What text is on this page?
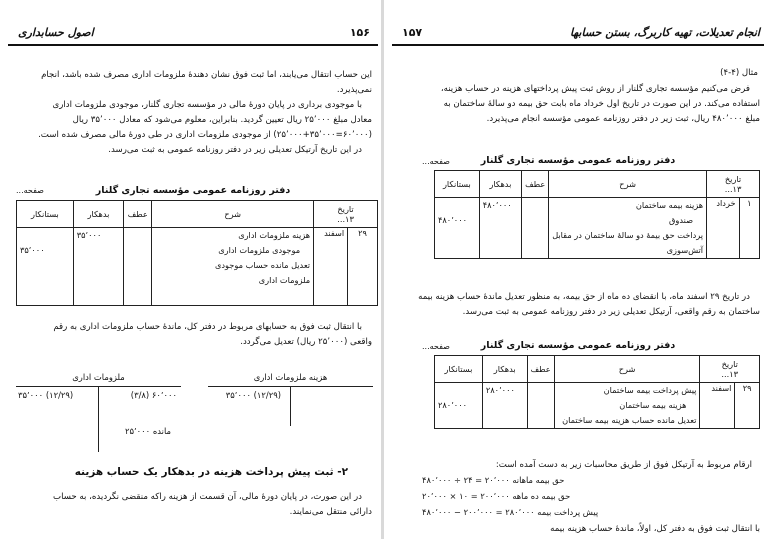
۱۵۶
اصول حسابداری
این حساب انتقال می‌یابند، اما ثبت فوق نشان دهندهٔ ملزومات اداری مصرف شده باشد، انجام
نمی‌پذیرد.
با موجودی برداری در پایان دورهٔ مالی در مؤسسه تجاری گلنار، موجودی ملزومات اداری
معادل مبلغ ۲۵٬۰۰۰ ریال تعیین گردید. بنابراین، معلوم می‌شود که معادل ۳۵٬۰۰۰ ریال
(۶۰٬۰۰۰=۲۵٬۰۰۰+۳۵٬۰۰۰) از موجودی ملزومات اداری در طی دورهٔ مالی مصرف شده است.
در این تاریخ آرتیکل تعدیلی زیر در دفتر روزنامه عمومی به ثبت می‌رسد.
دفتر روزنامه عمومی مؤسسه تجاری گلنار
صفحه...
تاریخ
۱۳...		شرح	عطف	بدهکار	بستانکار
۲۹	اسفند	هزینه ملزومات اداری
موجودی ملزومات اداری
تعدیل مانده حساب موجودی
ملزومات اداری		۳۵٬۰۰۰	۳۵٬۰۰۰
با انتقال ثبت فوق به حسابهای مربوط در دفتر کل، ماندهٔ حساب ملزومات اداری به رقم
واقعی (۲۵٬۰۰۰ ریال) تعدیل می‌گردد.
ملزومات اداری
۶۰٬۰۰۰ (۳/۸)
(۱۲/۲۹) ۳۵٬۰۰۰
مانده ۲۵٬۰۰۰
هزینه ملزومات اداری
(۱۲/۲۹) ۳۵٬۰۰۰
۲- ثبت پیش پرداخت هزینه در بدهکار یک حساب هزینه
در این صورت، در پایان دورهٔ مالی، آن قسمت از هزینه راکه منقضی نگردیده، به حساب
دارائی منتقل می‌نمایند.
۱۵۷	انجام تعدیلات، تهیه کاربرگ، بستن حسابها
مثال (۴-۴)
فرض می‌کنیم مؤسسه تجاری گلنار از روش ثبت پیش پرداختهای هزینه در حساب هزینه،
استفاده می‌کند. در این صورت در تاریخ اول خرداد ماه بابت حق بیمه دو سالهٔ ساختمان به
مبلغ ۴۸۰٬۰۰۰ ریال، ثبت زیر در دفتر روزنامه عمومی مؤسسه انجام می‌پذیرد.
دفتر روزنامه عمومی مؤسسه تجاری گلنار
صفحه...
تاریخ
۱۳...		شرح	عطف	بدهکار	بستانکار
۱	خرداد	هزینه بیمه ساختمان
صندوق
پرداخت حق بیمهٔ دو سالهٔ ساختمان در مقابل
آتش‌سوزی		۴۸۰٬۰۰۰	۴۸۰٬۰۰۰
در تاریخ ۲۹ اسفند ماه، با انقضای ده ماه از حق بیمه، به منظور تعدیل ماندهٔ حساب هزینه بیمه
ساختمان به رقم واقعی، آرتیکل تعدیلی زیر در دفتر روزنامه عمومی به ثبت می‌رسد.
دفتر روزنامه عمومی مؤسسه تجاری گلنار
صفحه...
تاریخ
۱۳...		شرح	عطف	بدهکار	بستانکار
۲۹	اسفند	پیش پرداخت بیمه ساختمان
هزینه بیمه ساختمان
تعدیل مانده حساب هزینه بیمه ساختمان		۲۸۰٬۰۰۰	۲۸۰٬۰۰۰
ارقام مربوط به آرتیکل فوق از طریق محاسبات زیر به دست آمده است:
حق بیمه ماهانه ۲۰٬۰۰۰ = ۲۴ ÷ ۴۸۰٬۰۰۰
حق بیمه ده ماهه ۲۰۰٬۰۰۰ = ۱۰ × ۲۰٬۰۰۰
پیش پرداخت بیمه ۲۸۰٬۰۰۰ = ۲۰۰٬۰۰۰ − ۴۸۰٬۰۰۰
با انتقال ثبت فوق به دفتر کل، اولاً، ماندهٔ حساب هزینه بیمه
